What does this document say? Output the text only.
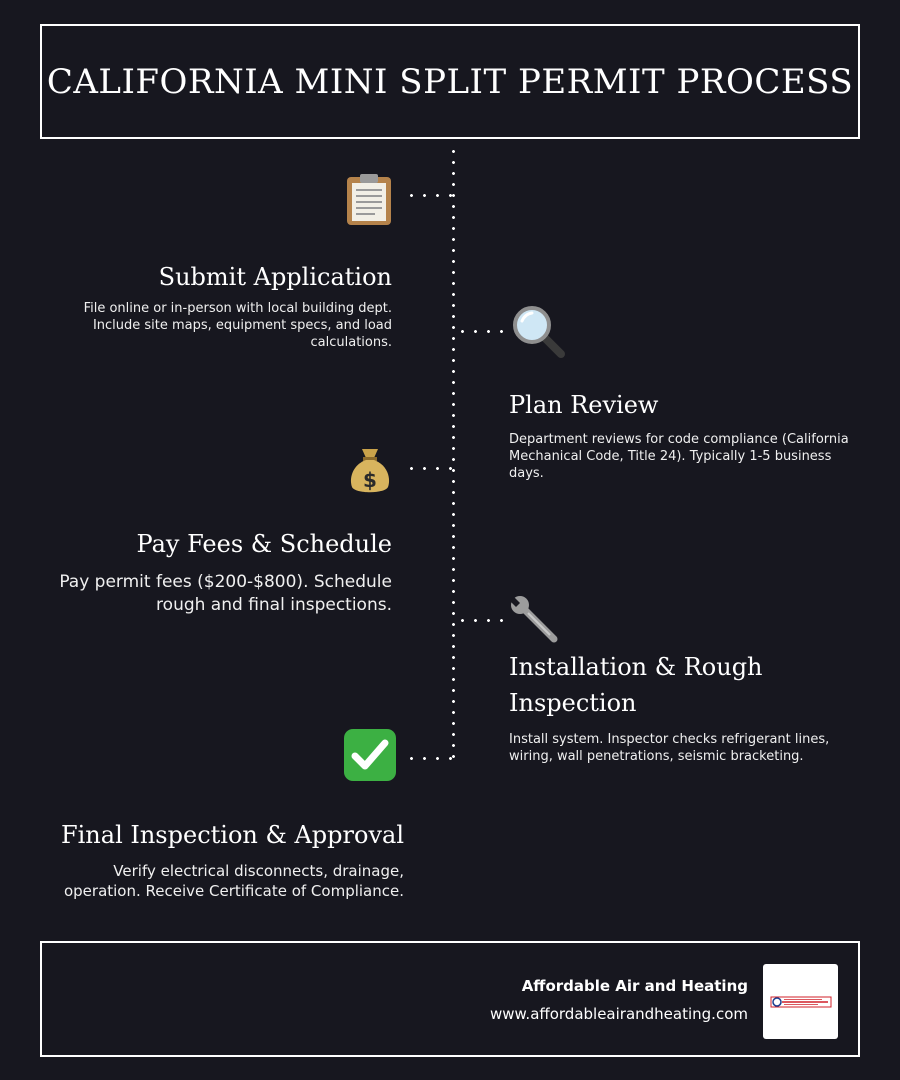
CALIFORNIA MINI SPLIT PERMIT PROCESS
Submit Application
File online or in-person with local building dept. Include site maps, equipment specs, and load calculations.
Plan Review
Department reviews for code compliance (California Mechanical Code, Title 24). Typically 1-5 business days.
$
Pay Fees & Schedule
Pay permit fees ($200-$800). Schedule rough and final inspections.
Installation & Rough Inspection
Install system. Inspector checks refrigerant lines, wiring, wall penetrations, seismic bracketing.
Final Inspection & Approval
Verify electrical disconnects, drainage, operation. Receive Certificate of Compliance.
Affordable Air and Heating
www.affordableairandheating.com
